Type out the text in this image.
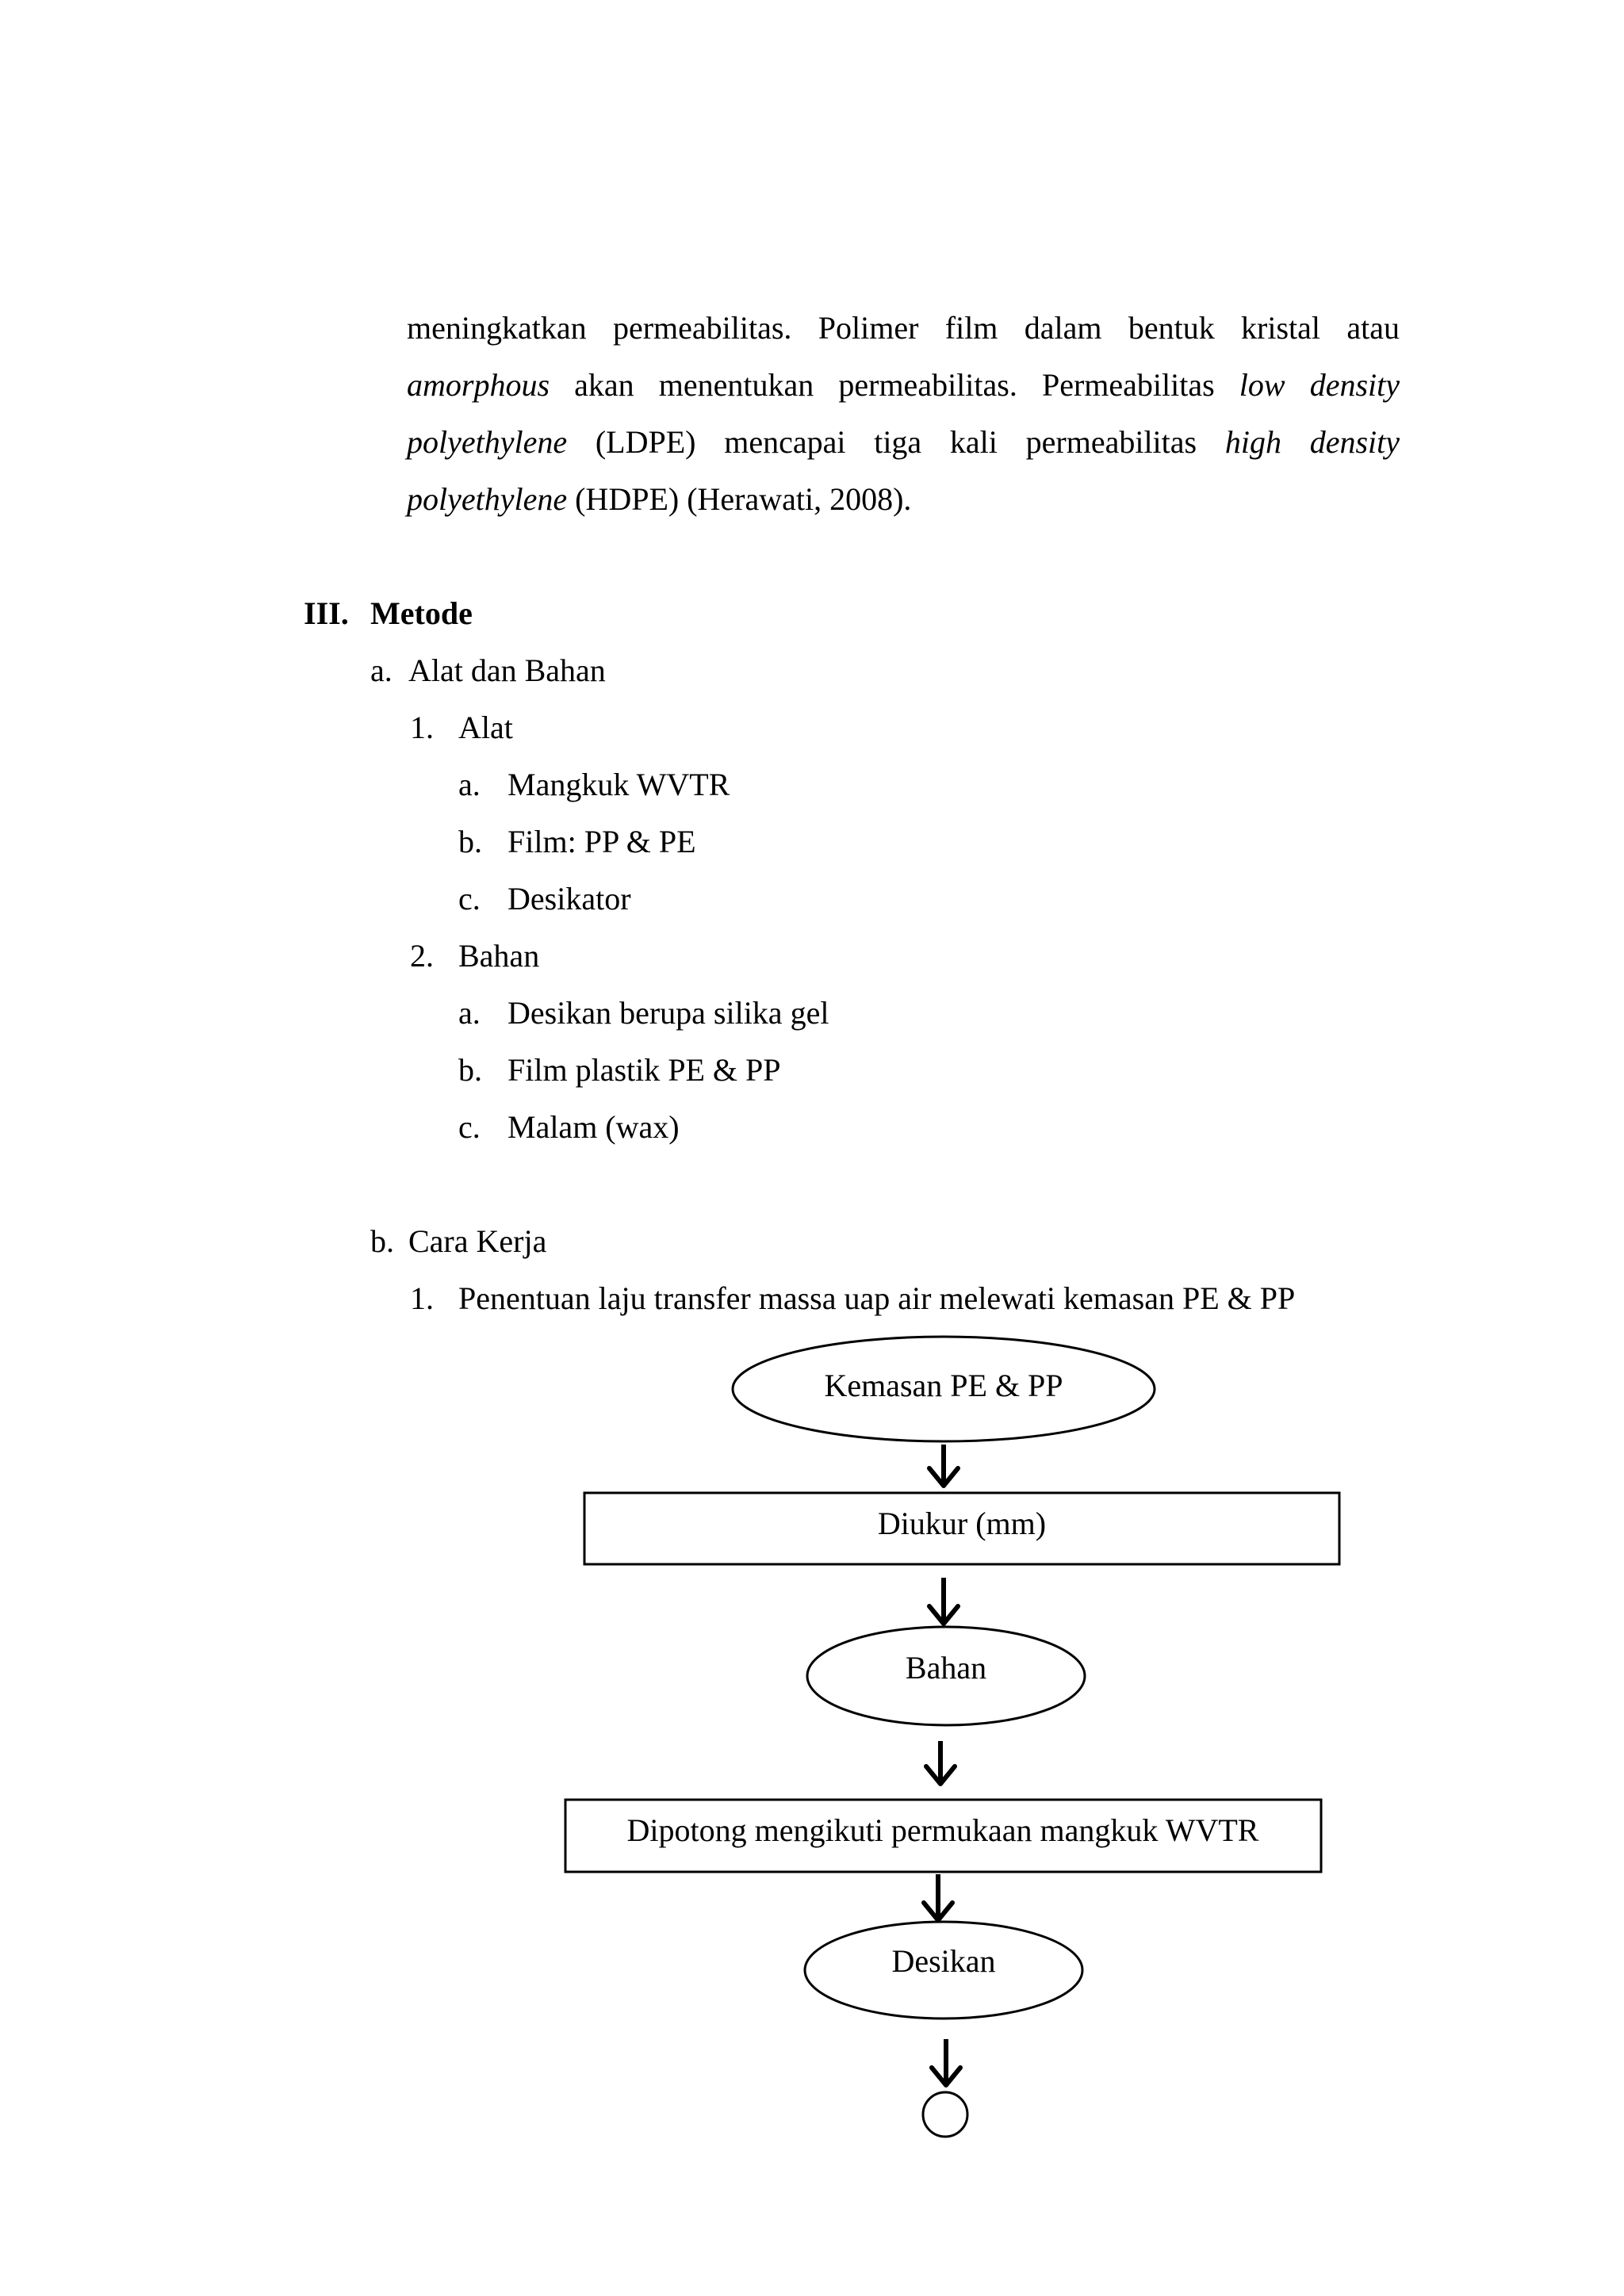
meningkatkan permeabilitas. Polimer film dalam bentuk kristal atau
amorphous akan menentukan permeabilitas. Permeabilitas low density
polyethylene (LDPE) mencapai tiga kali permeabilitas high density
polyethylene (HDPE) (Herawati, 2008).
III. Metode
a. Alat dan Bahan
1. Alat
a. Mangkuk WVTR
b. Film: PP & PE
c. Desikator
2. Bahan
a. Desikan berupa silika gel
b. Film plastik PE & PP
c. Malam (wax)
b. Cara Kerja
1. Penentuan laju transfer massa uap air melewati kemasan PE & PP
Kemasan PE & PP
Diukur (mm)
Bahan
Dipotong mengikuti permukaan mangkuk WVTR
Desikan
